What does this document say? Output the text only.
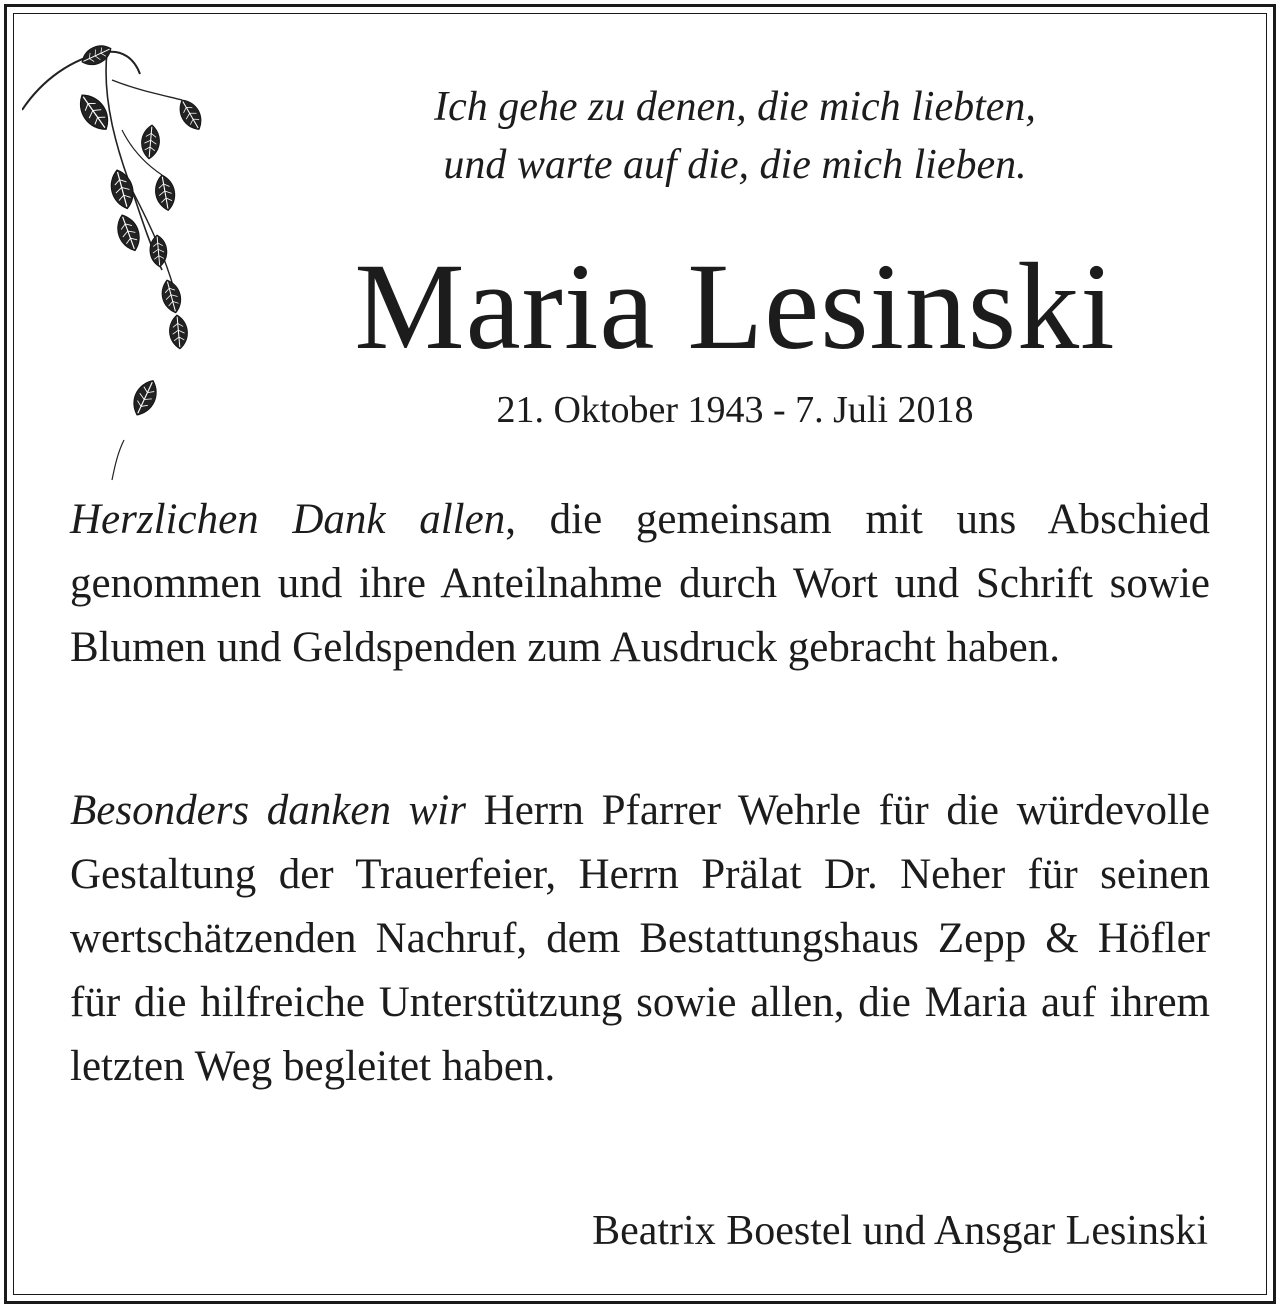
Ich gehe zu denen, die mich liebten,

und warte auf die, die mich lieben.

Maria Lesinski

21. Oktober 1943 - 7. Juli 2018

Herzlichen Dank allen, die gemeinsam mit uns Abschied genommen und ihre Anteilnahme durch Wort und Schrift sowie Blumen und Geldspenden zum Ausdruck gebracht haben.

Besonders danken wir Herrn Pfarrer Wehrle für die würdevolle Gestaltung der Trauerfeier, Herrn Prälat Dr. Neher für seinen wertschätzenden Nachruf, dem Bestattungshaus Zepp & Höfler für die hilfreiche Unterstützung sowie allen, die Maria auf ihrem letzten Weg begleitet haben.

Beatrix Boestel und Ansgar Lesinski
